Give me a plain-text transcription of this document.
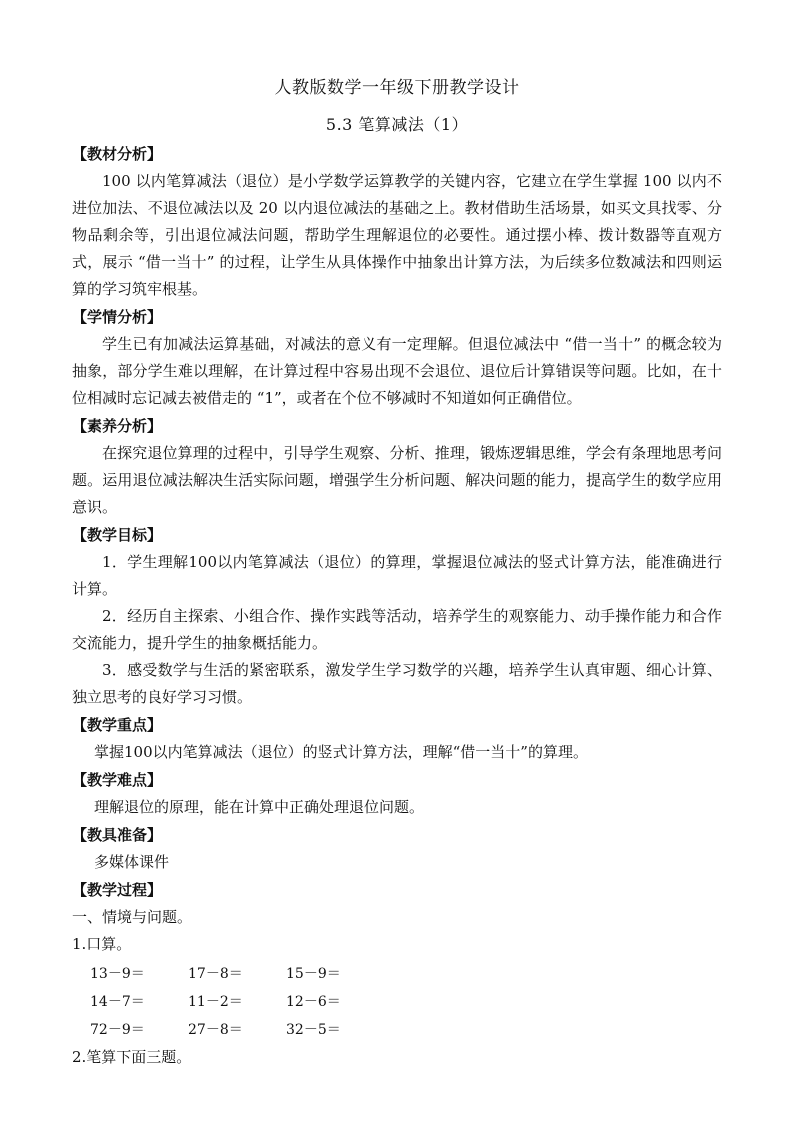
人教版数学一年级下册教学设计
5.3 笔算减法（1）
【教材分析】

100 以内笔算减法（退位）是小学数学运算教学的关键内容，它建立在学生掌握 100 以内不进位加法、不退位减法以及 20 以内退位减法的基础之上。教材借助生活场景，如买文具找零、分物品剩余等，引出退位减法问题，帮助学生理解退位的必要性。通过摆小棒、拨计数器等直观方式，展示 “借一当十” 的过程，让学生从具体操作中抽象出计算方法，为后续多位数减法和四则运算的学习筑牢根基。

【学情分析】

学生已有加减法运算基础，对减法的意义有一定理解。但退位减法中 “借一当十” 的概念较为抽象，部分学生难以理解，在计算过程中容易出现不会退位、退位后计算错误等问题。比如，在十位相减时忘记减去被借走的 “1”，或者在个位不够减时不知道如何正确借位。

【素养分析】

在探究退位算理的过程中，引导学生观察、分析、推理，锻炼逻辑思维，学会有条理地思考问题。运用退位减法解决生活实际问题，增强学生分析问题、解决问题的能力，提高学生的数学应用意识。

【教学目标】

1．学生理解100以内笔算减法（退位）的算理，掌握退位减法的竖式计算方法，能准确进行计算。

2．经历自主探索、小组合作、操作实践等活动，培养学生的观察能力、动手操作能力和合作交流能力，提升学生的抽象概括能力。

3．感受数学与生活的紧密联系，激发学生学习数学的兴趣，培养学生认真审题、细心计算、独立思考的良好学习习惯。

【教学重点】

掌握100以内笔算减法（退位）的竖式计算方法，理解“借一当十”的算理。

【教学难点】

理解退位的原理，能在计算中正确处理退位问题。

【教具准备】

多媒体课件

【教学过程】

一、情境与问题。

1.口算。

13－9＝	17－8＝	15－9＝
14－7＝	11－2＝	12－6＝
72－9＝	27－8＝	32－5＝

2.笔算下面三题。
